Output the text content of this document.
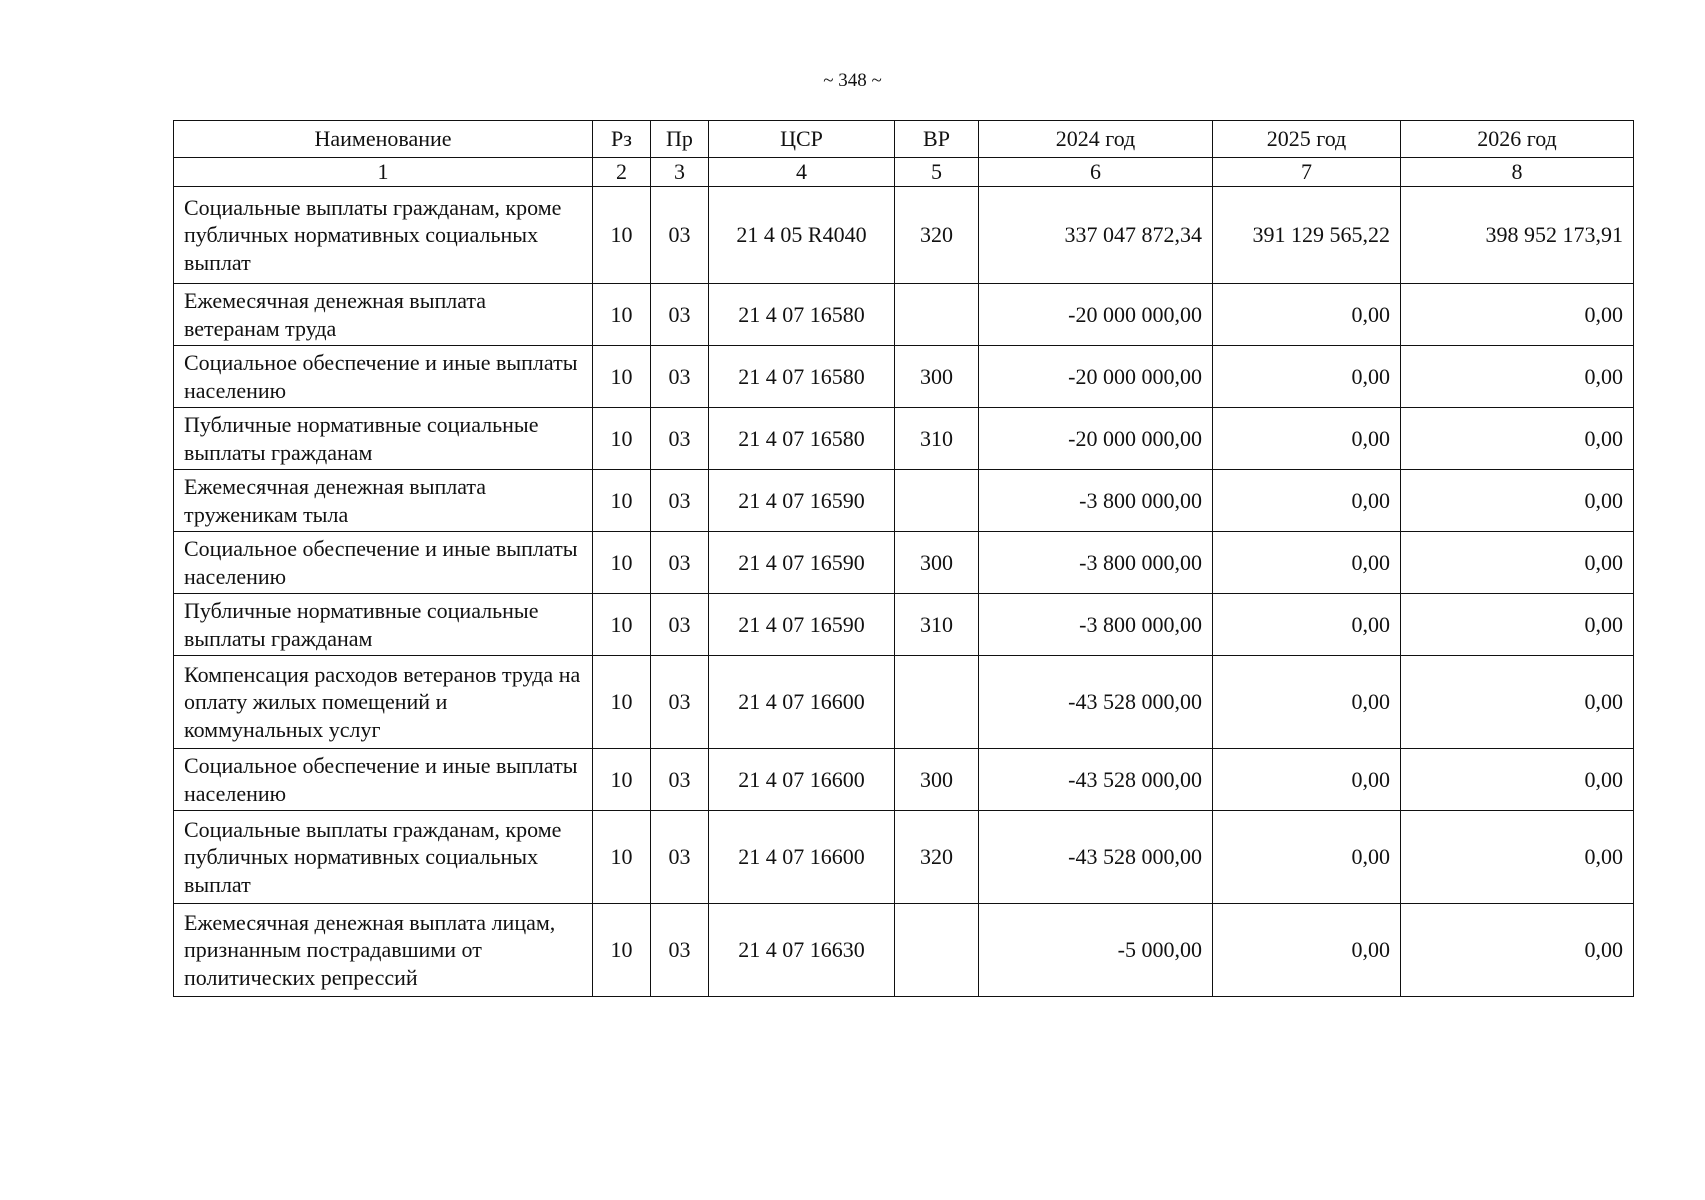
~ 348 ~
Наименование	Рз	Пр	ЦСР	ВР	2024 год	2025 год	2026 год
1	2	3	4	5	6	7	8
Социальные выплаты гражданам, кроме публичных нормативных социальных выплат	10	03	21 4 05 R4040	320	337 047 872,34	391 129 565,22	398 952 173,91
Ежемесячная денежная выплата ветеранам труда	10	03	21 4 07 16580		-20 000 000,00	0,00	0,00
Социальное обеспечение и иные выплаты населению	10	03	21 4 07 16580	300	-20 000 000,00	0,00	0,00
Публичные нормативные социальные выплаты гражданам	10	03	21 4 07 16580	310	-20 000 000,00	0,00	0,00
Ежемесячная денежная выплата труженикам тыла	10	03	21 4 07 16590		-3 800 000,00	0,00	0,00
Социальное обеспечение и иные выплаты населению	10	03	21 4 07 16590	300	-3 800 000,00	0,00	0,00
Публичные нормативные социальные выплаты гражданам	10	03	21 4 07 16590	310	-3 800 000,00	0,00	0,00
Компенсация расходов ветеранов труда на оплату жилых помещений и коммунальных услуг	10	03	21 4 07 16600		-43 528 000,00	0,00	0,00
Социальное обеспечение и иные выплаты населению	10	03	21 4 07 16600	300	-43 528 000,00	0,00	0,00
Социальные выплаты гражданам, кроме публичных нормативных социальных выплат	10	03	21 4 07 16600	320	-43 528 000,00	0,00	0,00
Ежемесячная денежная выплата лицам, признанным пострадавшими от политических репрессий	10	03	21 4 07 16630		-5 000,00	0,00	0,00
